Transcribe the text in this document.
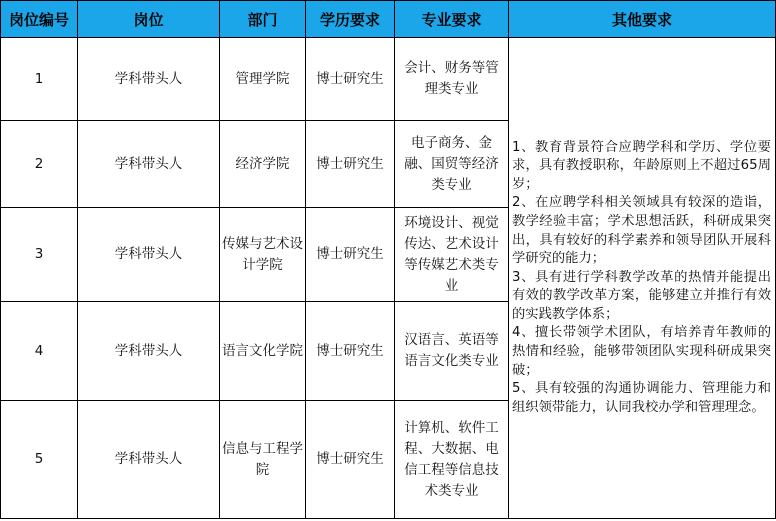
岗位编号	岗位	部门	学历要求	专业要求	其他要求
1	学科带头人	管理学院	博士研究生	会计、财务等管理类专业	1、教育背景符合应聘学科和学历、学位要求，具有教授职称，年龄原则上不超过65周岁；
2、在应聘学科相关领域具有较深的造诣，教学经验丰富；学术思想活跃，科研成果突出，具有较好的科学素养和领导团队开展科学研究的能力；
3、具有进行学科教学改革的热情并能提出有效的教学改革方案，能够建立并推行有效的实践教学体系；
4、擅长带领学术团队，有培养青年教师的热情和经验，能够带领团队实现科研成果突破；
5、具有较强的沟通协调能力、管理能力和组织领带能力，认同我校办学和管理理念。

2	学科带头人	经济学院	博士研究生	电子商务、金融、国贸等经济类专业	
3	学科带头人	传媒与艺术设计学院	博士研究生	环境设计、视觉传达、艺术设计等传媒艺术类专业	
4	学科带头人	语言文化学院	博士研究生	汉语言、英语等语言文化类专业	
5	学科带头人	信息与工程学院	博士研究生	计算机、软件工程、大数据、电信工程等信息技术类专业	
